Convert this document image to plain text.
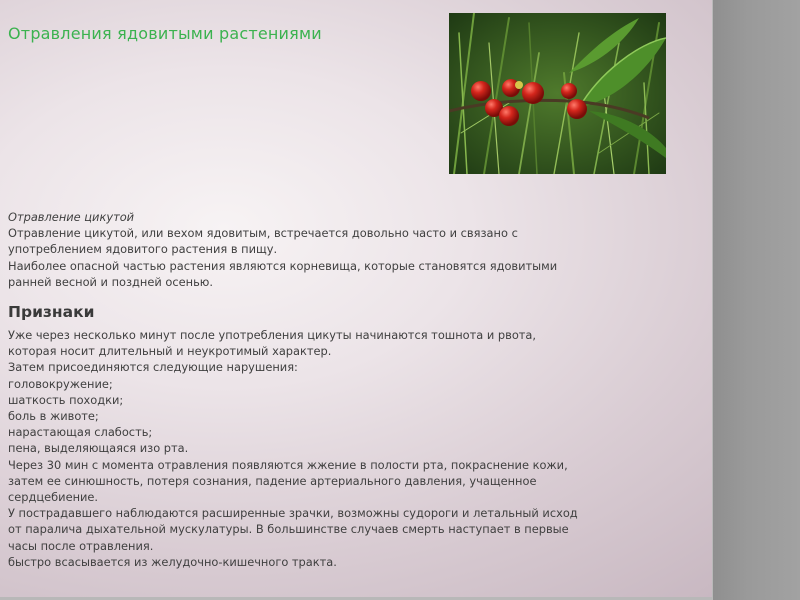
Отравления ядовитыми растениями
Отравление цикутой
Отравление цикутой, или вехом ядовитым, встречается довольно часто и связано с
употреблением ядовитого растения в пищу.
Наиболее опасной частью растения являются корневища, которые становятся ядовитыми
ранней весной и поздней осенью.
Признаки
Уже через несколько минут после употребления цикуты начинаются тошнота и рвота,
которая носит длительный и неукротимый характер.
Затем присоединяются следующие нарушения:
головокружение;
шаткость походки;
боль в животе;
нарастающая слабость;
пена, выделяющаяся изо рта.
Через 30 мин с момента отравления появляются жжение в полости рта, покраснение кожи,
затем ее синюшность, потеря сознания, падение артериального давления, учащенное
сердцебиение.
У пострадавшего наблюдаются расширенные зрачки, возможны судороги и летальный исход
от паралича дыхательной мускулатуры. В большинстве случаев смерть наступает в первые
часы после отравления.
быстро всасывается из желудочно-кишечного тракта.
